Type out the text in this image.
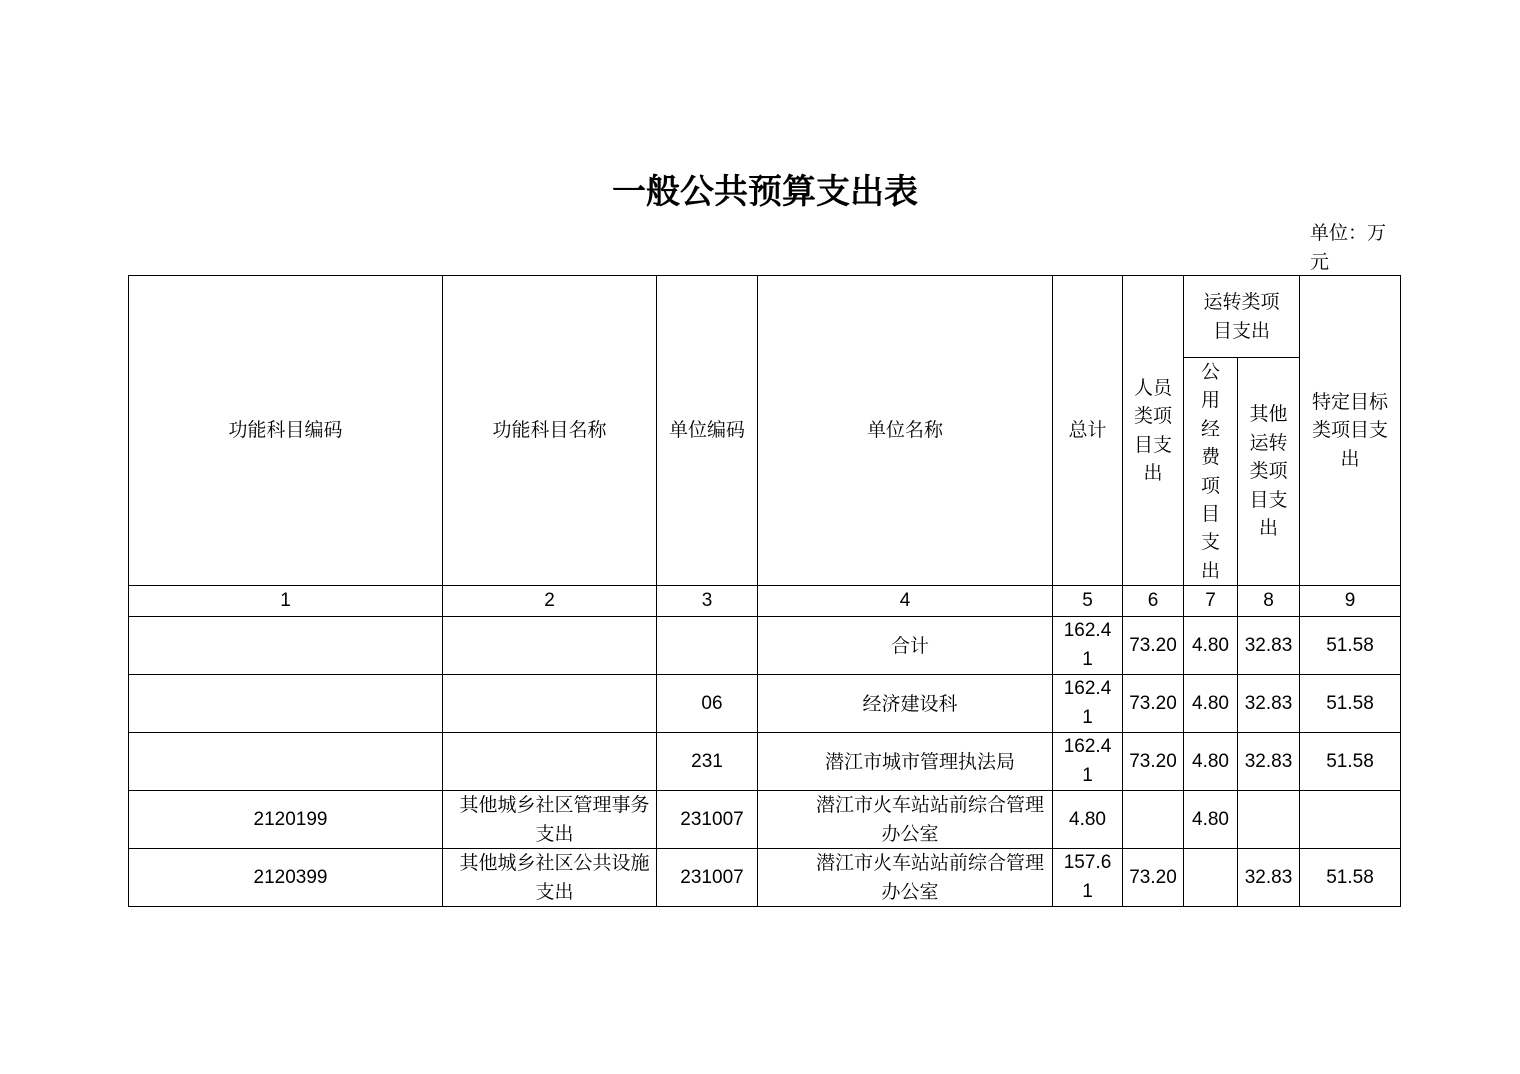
一般公共预算支出表
单位：万元
功能科目编码	功能科目名称	单位编码	单位名称	总计	人员类项目支出	运转类项目支出		特定目标类项目支出

						公用经费项目支出	其他运转类项目支出	
1	2	3	4	5	6	7	8	9
			合计	162.41	73.20	4.80	32.83	51.58
		06	经济建设科	162.41	73.20	4.80	32.83	51.58
		231	潜江市城市管理执法局	162.41	73.20	4.80	32.83	51.58
2120199	其他城乡社区管理事务支出	231007	潜江市火车站站前综合管理办公室	4.80		4.80		
2120399	其他城乡社区公共设施支出	231007	潜江市火车站站前综合管理办公室	157.61	73.20		32.83	51.58
